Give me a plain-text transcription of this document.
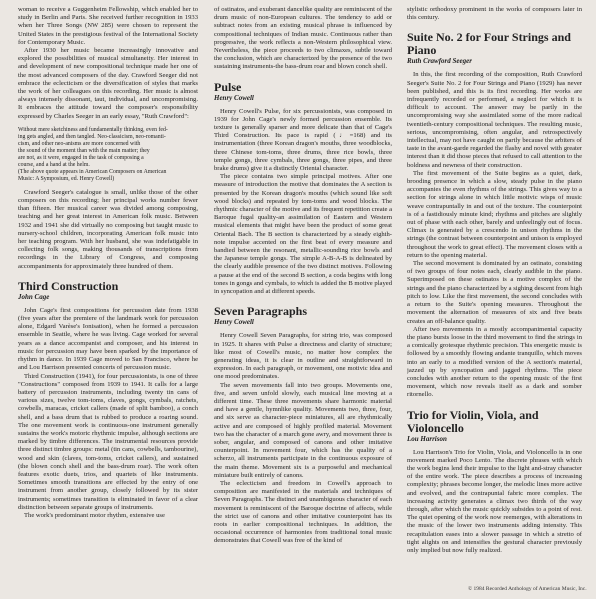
woman to receive a Guggenheim Fellowship, which enabled her to study in Berlin and Paris. She received further recognition in 1933 when her Three Songs (NW 285) were chosen to represent the United States in the prestigious festival of the International Society for Contemporary Music.

After 1930 her music became increasingly innovative and explored the possibilities of musical simultaneity. Her interest in and development of new compositional technique made her one of the most advanced composers of the day. Crawford Seeger did not embrace the eclecticism or the diversification of styles that marks the work of her colleagues on this recording. Her music is almost always intensely dissonant, taut, individual, and uncompromising. It embraces the attitude toward the composer's responsibility expressed by Charles Seeger in an early essay, "Ruth Crawford":

Without mere sketchiness and fundamentally thinking, even fed-
ing gets angled, and then tangled. Neo-classicism, neo-romanti-
cism, and other neo-anisms are more concerned with
the sound of the moment than with the main matter; they
are not, as it were, engaged in the task of composing a
course, and a hand at the helm.
(The above quote appears in American Composers on American
Music: A Symposium, ed. Henry Cowell)

Crawford Seeger's catalogue is small, unlike those of the other composers on this recording; her principal works number fewer than fifteen. Her musical career was divided among composing, teaching and her great interest in American folk music. Between 1932 and 1941 she did virtually no composing but taught music to nursery-school children, incorporating American folk music into her teaching program. With her husband, she was indefatigable in collecting folk songs, making thousands of transcriptions from recordings in the Library of Congress, and composing accompaniments for approximately three hundred of them.

Third Construction
John Cage

John Cage's first compositions for percussion date from 1938 (five years after the premiere of the landmark work for percussion alone, Edgard Varèse's Ionisation), when he formed a percussion ensemble in Seattle, where he was living. Cage worked for several years as a dance accompanist and composer, and his interest in music for percussion may have been sparked by the importance of rhythm in dance. In 1939 Cage moved to San Francisco, where he and Lou Harrison presented concerts of percussion music.

Third Construction (1941), for four percussionists, is one of three "Constructions" composed from 1939 to 1941. It calls for a large battery of percussion instruments, including twenty tin cans of various sizes, twelve tom-toms, claves, gongs, cymbals, ratchets, cowbells, maracas, cricket callers (made of split bamboo), a conch shell, and a bass drum that is rubbed to produce a roaring sound. The one movement work is continuous-one instrument generally sustains the work's motoric rhythmic impulse, although sections are marked by timbre differences. The instrumental resources provide three distinct timbre groups: metal (tin cans, cowbells, tambourine), wood and skin (claves, tom-toms, cricket callers), and sustained (the blown conch shell and the bass-drum roar). The work often features exotic duets, trios, and quartets of like instruments. Sometimes smooth transitions are effected by the entry of one instrument from another group, closely followed by its sister instruments; sometimes transition is eliminated in favor of a clear distinction between separate groups of instruments.

The work's predominant motor rhythm, extensive use

of ostinatos, and exuberant dancelike quality are reminiscent of the drum music of non-European cultures. The tendency to add or subtract notes from an existing musical phrase is influenced by compositional techniques of Indian music. Continuous rather than progressive, the work reflects a non-Western philosophical view. Nevertheless, the piece proceeds to two climaxes, subtle toward the conclusion, which are characterized by the presence of the two sustaining instruments-the bass-drum roar and blown conch shell.

Pulse
Henry Cowell

Henry Cowell's Pulse, for six percussionists, was composed in 1939 for John Cage's newly formed percussion ensemble. Its texture is generally sparser and more delicate than that of Cage's Third Construction. Its pace is rapid (♩=168) and its instrumentation (three Korean dragon's mouths, three woodblocks, three Chinese tom-toms, three drums, three rice bowls, three temple gongs, three cymbals, three gongs, three pipes, and three brake drums) give it a distinctly Oriental character.

The piece contains two simple principal motives. After one measure of introduction the motive that dominates the A section is presented by the Korean dragon's mouths (which sound like soft wood blocks) and repeated by tom-toms and wood blocks. The rhythmic character of the motive and its frequent repetition create a Baroque fugal quality-an assimilation of Eastern and Western musical elements that might have been the product of some great Oriental Bach. The B section is characterized by a steady eighth-note impulse accented on the first beat of every measure and bandied between the resonant, metallic-sounding rice bowls and the Japanese temple gongs. The simple A-B-A-B is delineated by the clearly audible presence of the two distinct motives. Following a pause at the end of the second B section, a coda begins with long tones in gongs and cymbals, to which is added the B motive played in syncopation and at different speeds.

Seven Paragraphs
Henry Cowell

Henry Cowell Seven Paragraphs, for string trio, was composed in 1925. It shares with Pulse a directness and clarity of structure; like most of Cowell's music, no matter how complex the generating ideas, it is clear in outline and straightforward in expression. In each paragraph, or movement, one motivic idea and one mood predominates.

The seven movements fall into two groups. Movements one, five, and seven unfold slowly, each musical line moving at a different time. These three movements share harmonic material and have a gentle, hymnlike quality. Movements two, three, four, and six serve as character-piece miniatures, all are rhythmically active and are composed of highly profiled material. Movement two has the character of a march gone awry, and movement three is sober, angular, and composed of canons and other imitative counterpoint. In movement four, which has the quality of a scherzo, all instruments participate in the continuous exposure of the main theme. Movement six is a purposeful and mechanical miniature built entirely of canons.

The eclecticism and freedom in Cowell's approach to composition are manifested in the materials and techniques of Seven Paragraphs. The distinct and unambiguous character of each movement is reminiscent of the Baroque doctrine of affects, while the strict use of canons and other imitative counterpoint has its roots in earlier compositional techniques. In addition, the occasional occurrence of harmonies from traditional tonal music demonstrates that Cowell was free of the kind of

stylistic orthodoxy prominent in the works of composers later in this century.

Suite No. 2 for Four Strings and Piano
Ruth Crawford Seeger

In this, the first recording of the composition, Ruth Crawford Seeger's Suite No. 2 for Four Strings and Piano (1929) has never been published, and this is its first recording. Her works are infrequently recorded or performed, a neglect for which it is difficult to account. The answer may be partly in the uncompromising way she assimilated some of the more radical twentieth-century compositional techniques. The resulting music, serious, uncompromising, often angular, and retrospectively intellectual, may not have caught on partly because the arbiters of taste in the avant-garde regarded the flashy and novel with greater interest than it did those pieces that refused to call attention to the boldness and newness of their construction.

The first movement of the Suite begins as a quiet, dark, brooding presence in which a slow, steady pulse in the piano accompanies the even rhythms of the strings. This gives way to a section for strings alone in which little motivic wisps of music weave contrapuntally in and out of the texture. The counterpoint is of a fastidiously minute kind; rhythms and pitches are slightly out of phase with each other, barely and unfeelingly out of focus. Climax is generated by a crescendo in unison rhythms in the strings (the contrast between counterpoint and unison is employed throughout the work to great effect). The movement closes with a return to the opening material.

The second movement is dominated by an ostinato, consisting of two groups of four notes each, clearly audible in the piano. Superimposed on these ostinatos is a motive complex of the strings and the piano characterized by a sighing descent from high pitch to low. Like the first movement, the second concludes with a return to the Suite's opening measures. Throughout the movement the alternation of measures of six and five beats creates an off-balance quality.

After two movements in a mostly accompanimental capacity the piano bursts loose in the third movement to find the strings in a comically grotesque rhythmic precision. This energetic music is followed by a smoothly flowing andante tranquillo, which moves into an early to a modified version of the A section's material, jazzed up by syncopation and jagged rhythms. The piece concludes with another return to the opening music of the first movement, which now reveals itself as a dark and somber ritornello.

Trio for Violin, Viola, and Violoncello
Lou Harrison

Lou Harrison's Trio for Violin, Viola, and Violoncello is in one movement marked Poco Lento. The discrete phrases with which the work begins lend their impulse to the light and-stray character of the entire work. The piece describes a process of increasing complexity; phrases become longer, the melodic lines more active and evolved, and the contrapuntal fabric more complex. The increasing activity generates a climax two thirds of the way through, after which the music quickly subsides to a point of rest. The quiet opening of the work now reemerges, with alterations in the music of the lower two instruments adding intensity. This recapitulation eases into a slower passage in which a stretto of tight alights on and intensifies the gestural character previously only implied but now fully realized.

© 1984 Recorded Anthology of American Music, Inc.
